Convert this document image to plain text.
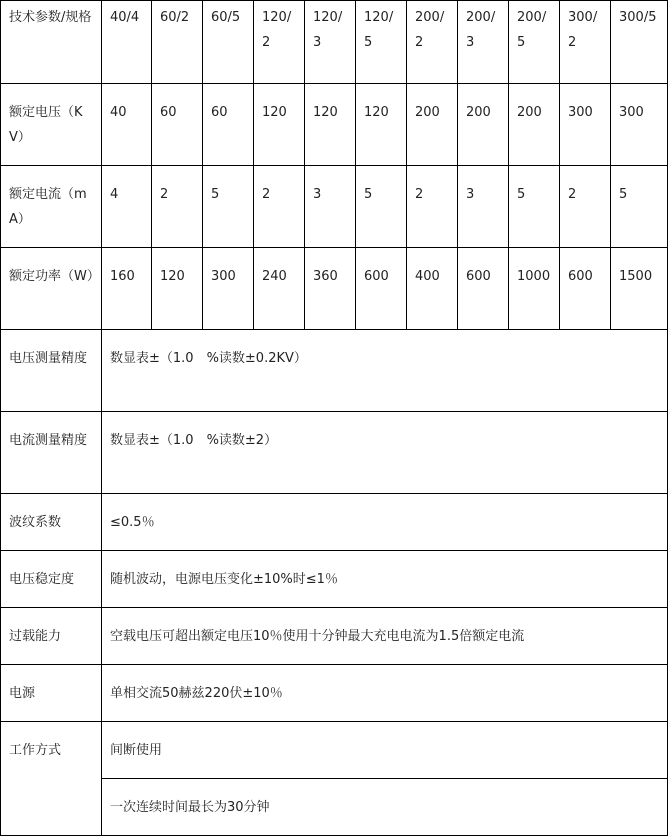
技术参数/规格	40/4	60/2	60/5	120/2	120/3	120/5	200/2	200/3	200/5	300/2	300/5
额定电压（KV）	40	60	60	120	120	120	200	200	200	300	300
额定电流（mA）	4	2	5	2	3	5	2	3	5	2	5
额定功率（W）	160	120	300	240	360	600	400	600	1000	600	1500
电压测量精度	数显表±（1.0　%读数±0.2KV）										
电流测量精度	数显表±（1.0　%读数±2）										
波纹系数	≤0.5％										
电压稳定度	随机波动，电源电压变化±10%时≤1％										
过载能力	空载电压可超出额定电压10％使用十分钟最大充电电流为1.5倍额定电流										
电源	单相交流50赫兹220伏±10％										
工作方式	间断使用										
	一次连续时间最长为30分钟										
